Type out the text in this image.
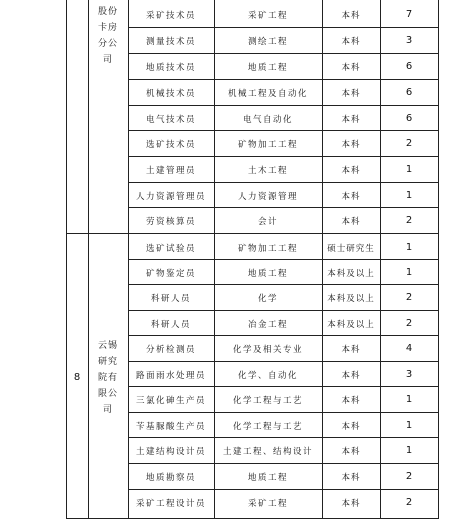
股份
卡房
分公
司
8
云锡
研究
院有
限公
司
采矿技术员	采矿工程	本科	7
测量技术员	测绘工程	本科	3
地质技术员	地质工程	本科	6
机械技术员	机械工程及自动化	本科	6
电气技术员	电气自动化	本科	6
选矿技术员	矿物加工工程	本科	2
土建管理员	土木工程	本科	1
人力资源管理员	人力资源管理	本科	1
劳资核算员	会计	本科	2
选矿试验员	矿物加工工程	硕士研究生	1
矿物鉴定员	地质工程	本科及以上	1
科研人员	化学	本科及以上	2
科研人员	冶金工程	本科及以上	2
分析检测员	化学及相关专业	本科	4
路面雨水处理员	化学、自动化	本科	3
三氯化砷生产员	化学工程与工艺	本科	1
苄基脲酸生产员	化学工程与工艺	本科	1
土建结构设计员	土建工程、结构设计	本科	1
地质勘察员	地质工程	本科	2
采矿工程设计员	采矿工程	本科	2
